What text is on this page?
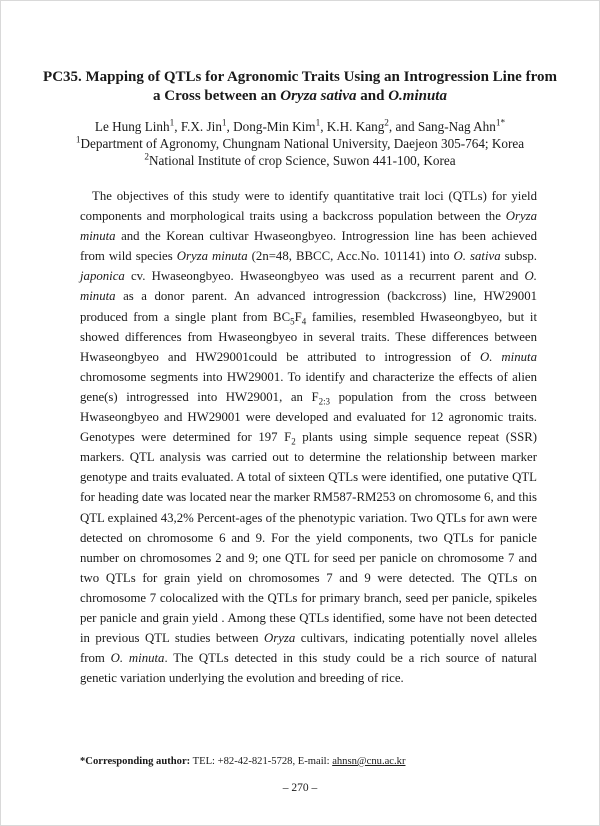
PC35. Mapping of QTLs for Agronomic Traits Using an Introgression Line from
a Cross between an Oryza sativa and O.minuta
Le Hung Linh$^1$, F.X. Jin$^1$, Dong-Min Kim$^1$, K.H. Kang$^2$, and Sang-Nag Ahn$^{1*}$
$^1$Department of Agronomy, Chungnam National University, Daejeon 305-764; Korea
$^2$National Institute of crop Science, Suwon 441-100, Korea

The objectives of this study were to identify quantitative trait loci (QTLs) for yield components and morphological traits using a backcross population between the Oryza minuta and the Korean cultivar Hwaseongbyeo. Introgression line has been achieved from wild species Oryza minuta (2n=48, BBCC, Acc.No. 101141) into O. sativa subsp. japonica cv. Hwaseongbyeo. Hwaseongbyeo was used as a recurrent parent and O. minuta as a donor parent. An advanced introgression (backcross) line, HW29001 produced from a single plant from $BC_5F_4$ families, resembled Hwaseongbyeo, but it showed differences from Hwaseongbyeo in several traits. These differences between Hwaseongbyeo and HW29001could be attributed to introgression of O. minuta chromosome segments into HW29001. To identify and characterize the effects of alien gene(s) introgressed into HW29001, an $F_{2:3}$ population from the cross between Hwaseongbyeo and HW29001 were developed and evaluated for 12 agronomic traits. Genotypes were determined for 197 $F_2$ plants using simple sequence repeat (SSR) markers. QTL analysis was carried out to determine the relationship between marker genotype and traits evaluated. A total of sixteen QTLs were identified, one putative QTL for heading date was located near the marker RM587-RM253 on chromosome 6, and this QTL explained 43,2% Percent-ages of the phenotypic variation. Two QTLs for awn were detected on chromosome 6 and 9. For the yield components, two QTLs for panicle number on chromosomes 2 and 9; one QTL for seed per panicle on chromosome 7 and two QTLs for grain yield on chromosomes 7 and 9 were detected. The QTLs on chromosome 7 colocalized with the QTLs for primary branch, seed per panicle, spikeles per panicle and grain yield . Among these QTLs identified, some have not been detected in previous QTL studies between Oryza cultivars, indicating potentially novel alleles from O. minuta. The QTLs detected in this study could be a rich source of natural genetic variation underlying the evolution and breeding of rice.

*Corresponding author: TEL: +82-42-821-5728, E-mail: ahnsn@cnu.ac.kr
– 270 –
